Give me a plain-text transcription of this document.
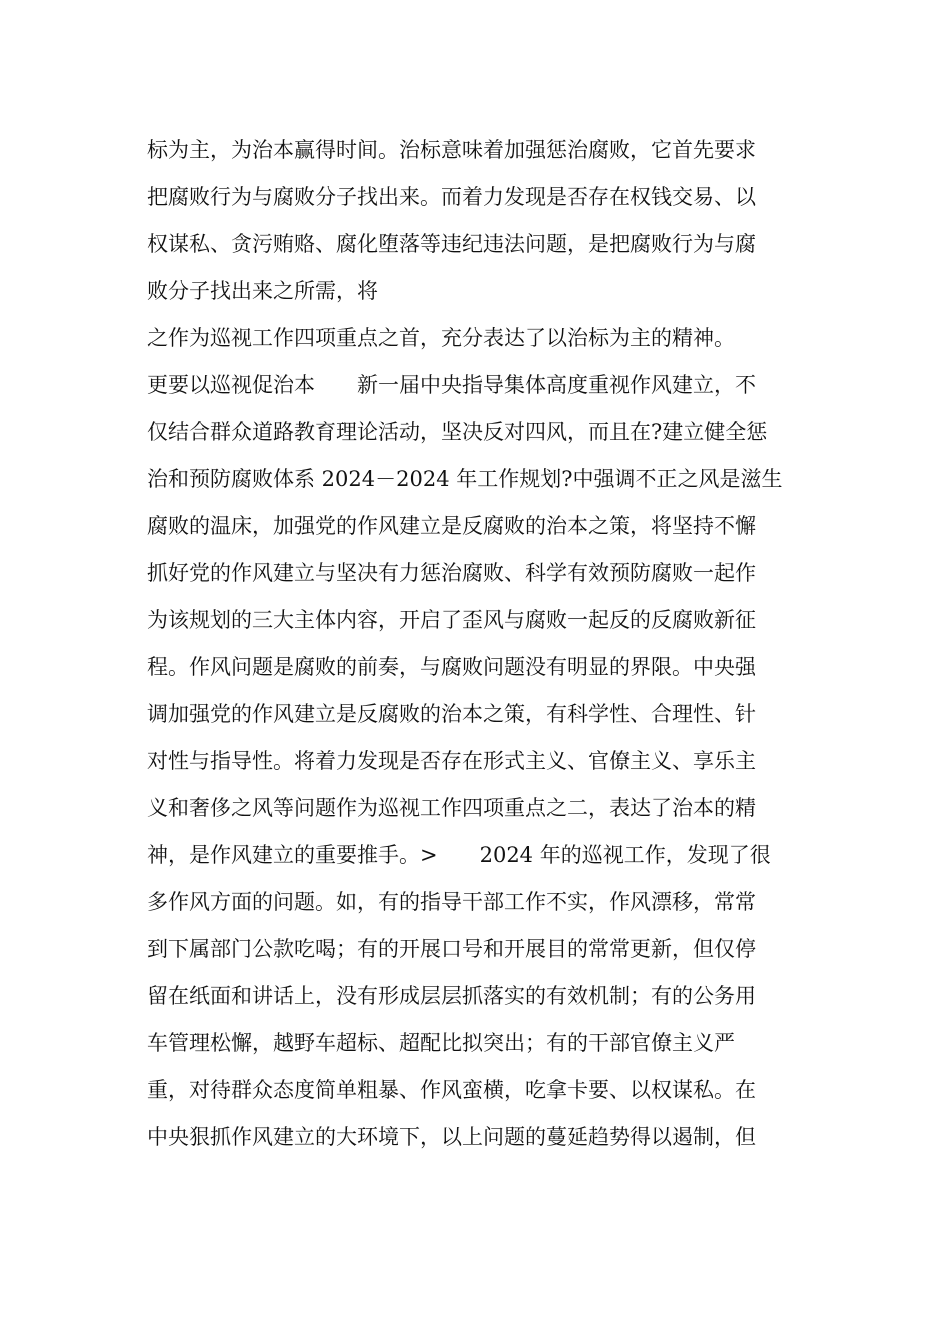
标为主，为治本赢得时间。治标意味着加强惩治腐败，它首先要求
把腐败行为与腐败分子找出来。而着力发现是否存在权钱交易、以
权谋私、贪污贿赂、腐化堕落等违纪违法问题，是把腐败行为与腐
败分子找出来之所需，将
之作为巡视工作四项重点之首，充分表达了以治标为主的精神。
更要以巡视促治本　　新一届中央指导集体高度重视作风建立，不
仅结合群众道路教育理论活动，坚决反对四风，而且在?建立健全惩
治和预防腐败体系 2024－2024 年工作规划?中强调不正之风是滋生
腐败的温床，加强党的作风建立是反腐败的治本之策，将坚持不懈
抓好党的作风建立与坚决有力惩治腐败、科学有效预防腐败一起作
为该规划的三大主体内容，开启了歪风与腐败一起反的反腐败新征
程。作风问题是腐败的前奏，与腐败问题没有明显的界限。中央强
调加强党的作风建立是反腐败的治本之策，有科学性、合理性、针
对性与指导性。将着力发现是否存在形式主义、官僚主义、享乐主
义和奢侈之风等问题作为巡视工作四项重点之二，表达了治本的精
神，是作风建立的重要推手。>　　2024 年的巡视工作，发现了很
多作风方面的问题。如，有的指导干部工作不实，作风漂移，常常
到下属部门公款吃喝；有的开展口号和开展目的常常更新，但仅停
留在纸面和讲话上，没有形成层层抓落实的有效机制；有的公务用
车管理松懈，越野车超标、超配比拟突出；有的干部官僚主义严
重，对待群众态度简单粗暴、作风蛮横，吃拿卡要、以权谋私。在
中央狠抓作风建立的大环境下，以上问题的蔓延趋势得以遏制，但
